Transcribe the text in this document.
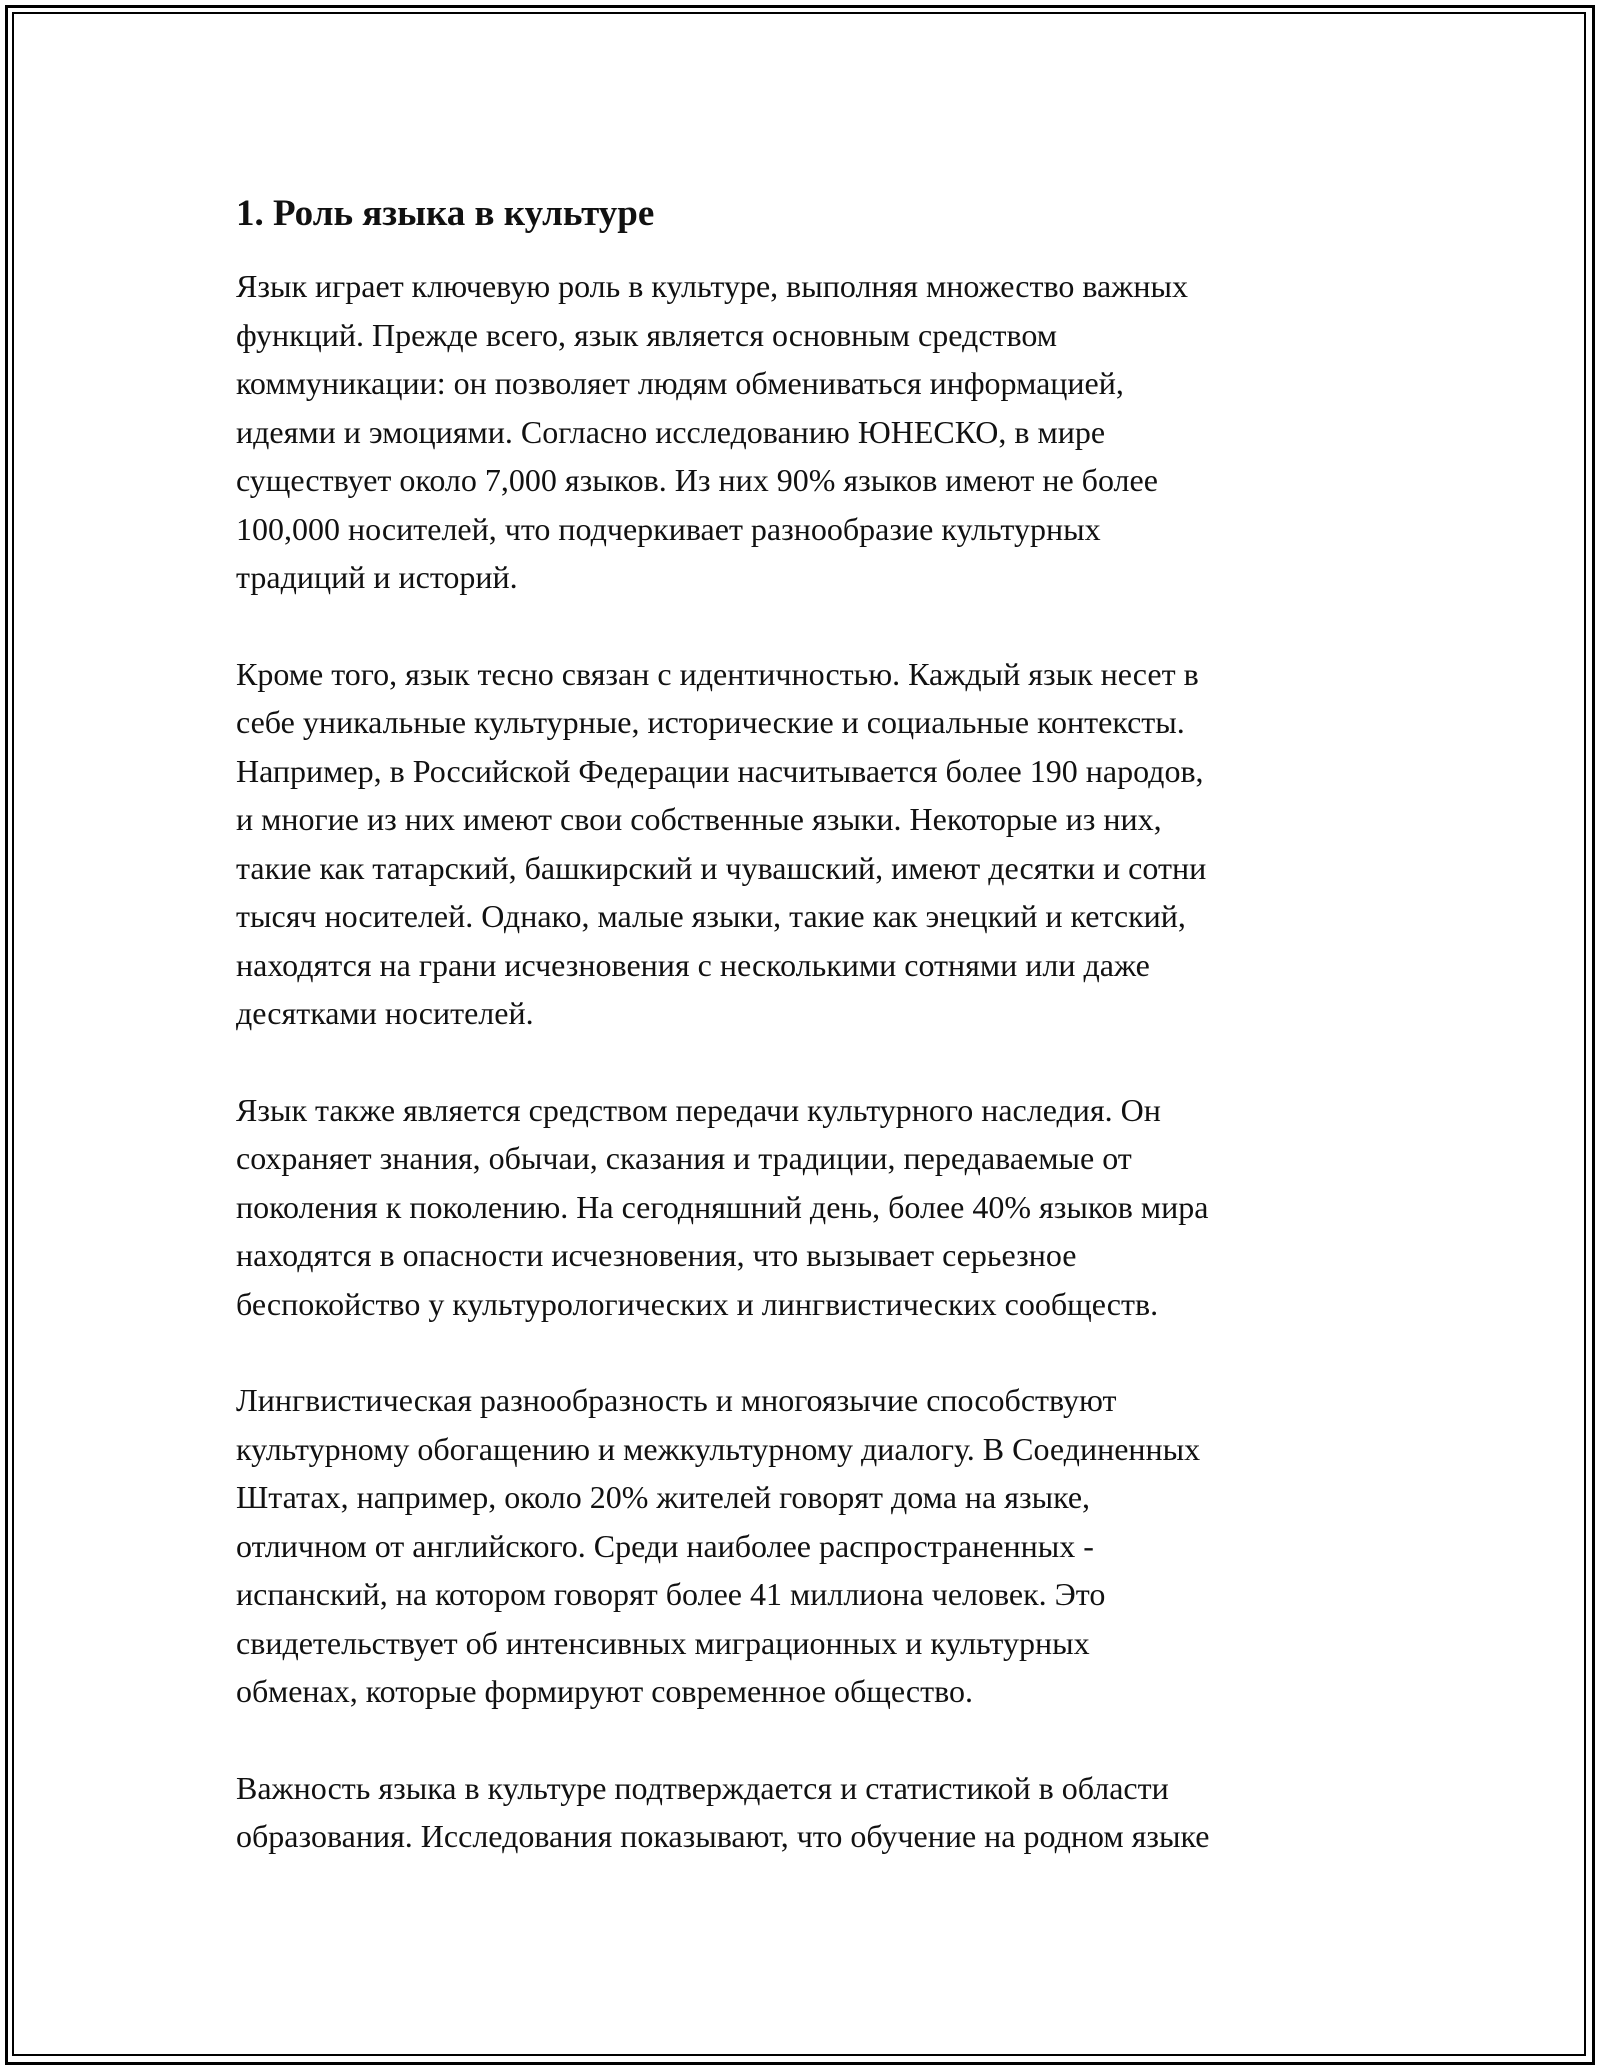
1. Роль языка в культуре

Язык играет ключевую роль в культуре, выполняя множество важных
функций. Прежде всего, язык является основным средством
коммуникации: он позволяет людям обмениваться информацией,
идеями и эмоциями. Согласно исследованию ЮНЕСКО, в мире
существует около 7,000 языков. Из них 90% языков имеют не более
100,000 носителей, что подчеркивает разнообразие культурных
традиций и историй.

Кроме того, язык тесно связан с идентичностью. Каждый язык несет в
себе уникальные культурные, исторические и социальные контексты.
Например, в Российской Федерации насчитывается более 190 народов,
и многие из них имеют свои собственные языки. Некоторые из них,
такие как татарский, башкирский и чувашский, имеют десятки и сотни
тысяч носителей. Однако, малые языки, такие как энецкий и кетский,
находятся на грани исчезновения с несколькими сотнями или даже
десятками носителей.

Язык также является средством передачи культурного наследия. Он
сохраняет знания, обычаи, сказания и традиции, передаваемые от
поколения к поколению. На сегодняшний день, более 40% языков мира
находятся в опасности исчезновения, что вызывает серьезное
беспокойство у культурологических и лингвистических сообществ.

Лингвистическая разнообразность и многоязычие способствуют
культурному обогащению и межкультурному диалогу. В Соединенных
Штатах, например, около 20% жителей говорят дома на языке,
отличном от английского. Среди наиболее распространенных -
испанский, на котором говорят более 41 миллиона человек. Это
свидетельствует об интенсивных миграционных и культурных
обменах, которые формируют современное общество.

Важность языка в культуре подтверждается и статистикой в области
образования. Исследования показывают, что обучение на родном языке
